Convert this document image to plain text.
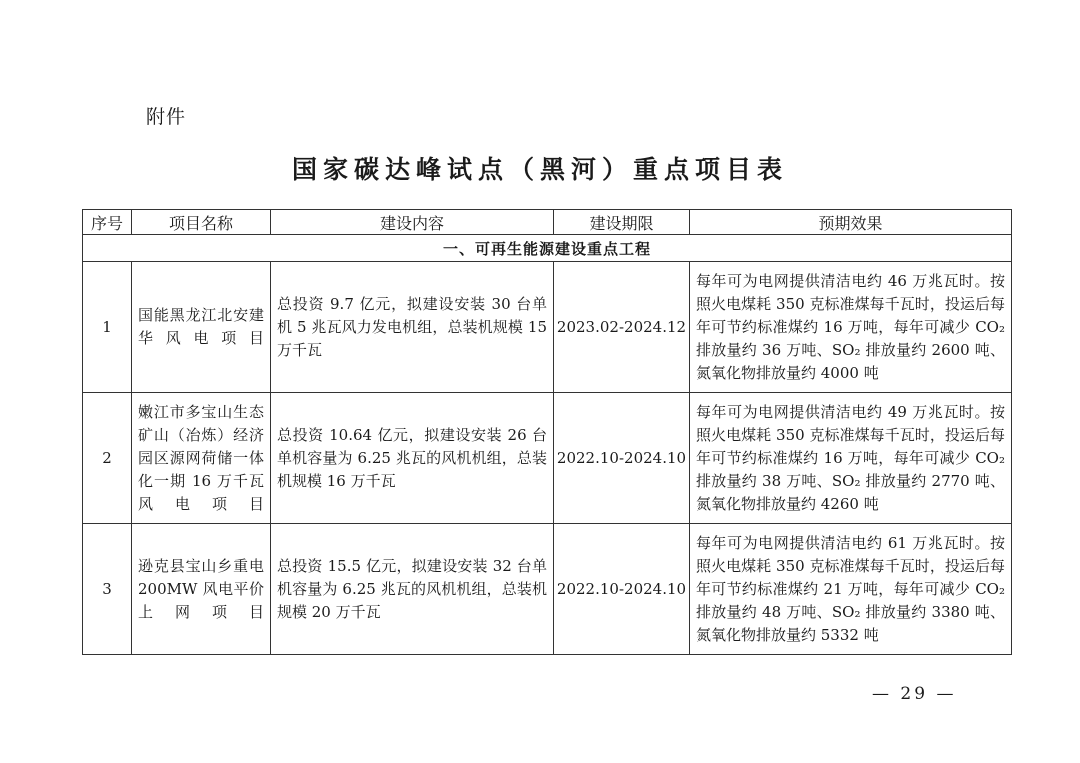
附件
国家碳达峰试点（黑河）重点项目表
序号	项目名称	建设内容	建设期限	预期效果
一、可再生能源建设重点工程				
1	国能黑龙江北安建华风电项目	总投资 9.7 亿元，拟建设安装 30 台单机 5 兆瓦风力发电机组，总装机规模 15 万千瓦	2023.02-2024.12	每年可为电网提供清洁电约 46 万兆瓦时。按照火电煤耗 350 克标准煤每千瓦时，投运后每年可节约标准煤约 16 万吨，每年可减少 CO₂ 排放量约 36 万吨、SO₂ 排放量约 2600 吨、氮氧化物排放量约 4000 吨
2	嫩江市多宝山生态矿山（冶炼）经济园区源网荷储一体化一期 16 万千瓦风电项目	总投资 10.64 亿元，拟建设安装 26 台单机容量为 6.25 兆瓦的风机机组，总装机规模 16 万千瓦	2022.10-2024.10	每年可为电网提供清洁电约 49 万兆瓦时。按照火电煤耗 350 克标准煤每千瓦时，投运后每年可节约标准煤约 16 万吨，每年可减少 CO₂ 排放量约 38 万吨、SO₂ 排放量约 2770 吨、氮氧化物排放量约 4260 吨
3	逊克县宝山乡重电 200MW 风电平价上网项目	总投资 15.5 亿元，拟建设安装 32 台单机容量为 6.25 兆瓦的风机机组，总装机规模 20 万千瓦	2022.10-2024.10	每年可为电网提供清洁电约 61 万兆瓦时。按照火电煤耗 350 克标准煤每千瓦时，投运后每年可节约标准煤约 21 万吨，每年可减少 CO₂ 排放量约 48 万吨、SO₂ 排放量约 3380 吨、氮氧化物排放量约 5332 吨
— 29 —
